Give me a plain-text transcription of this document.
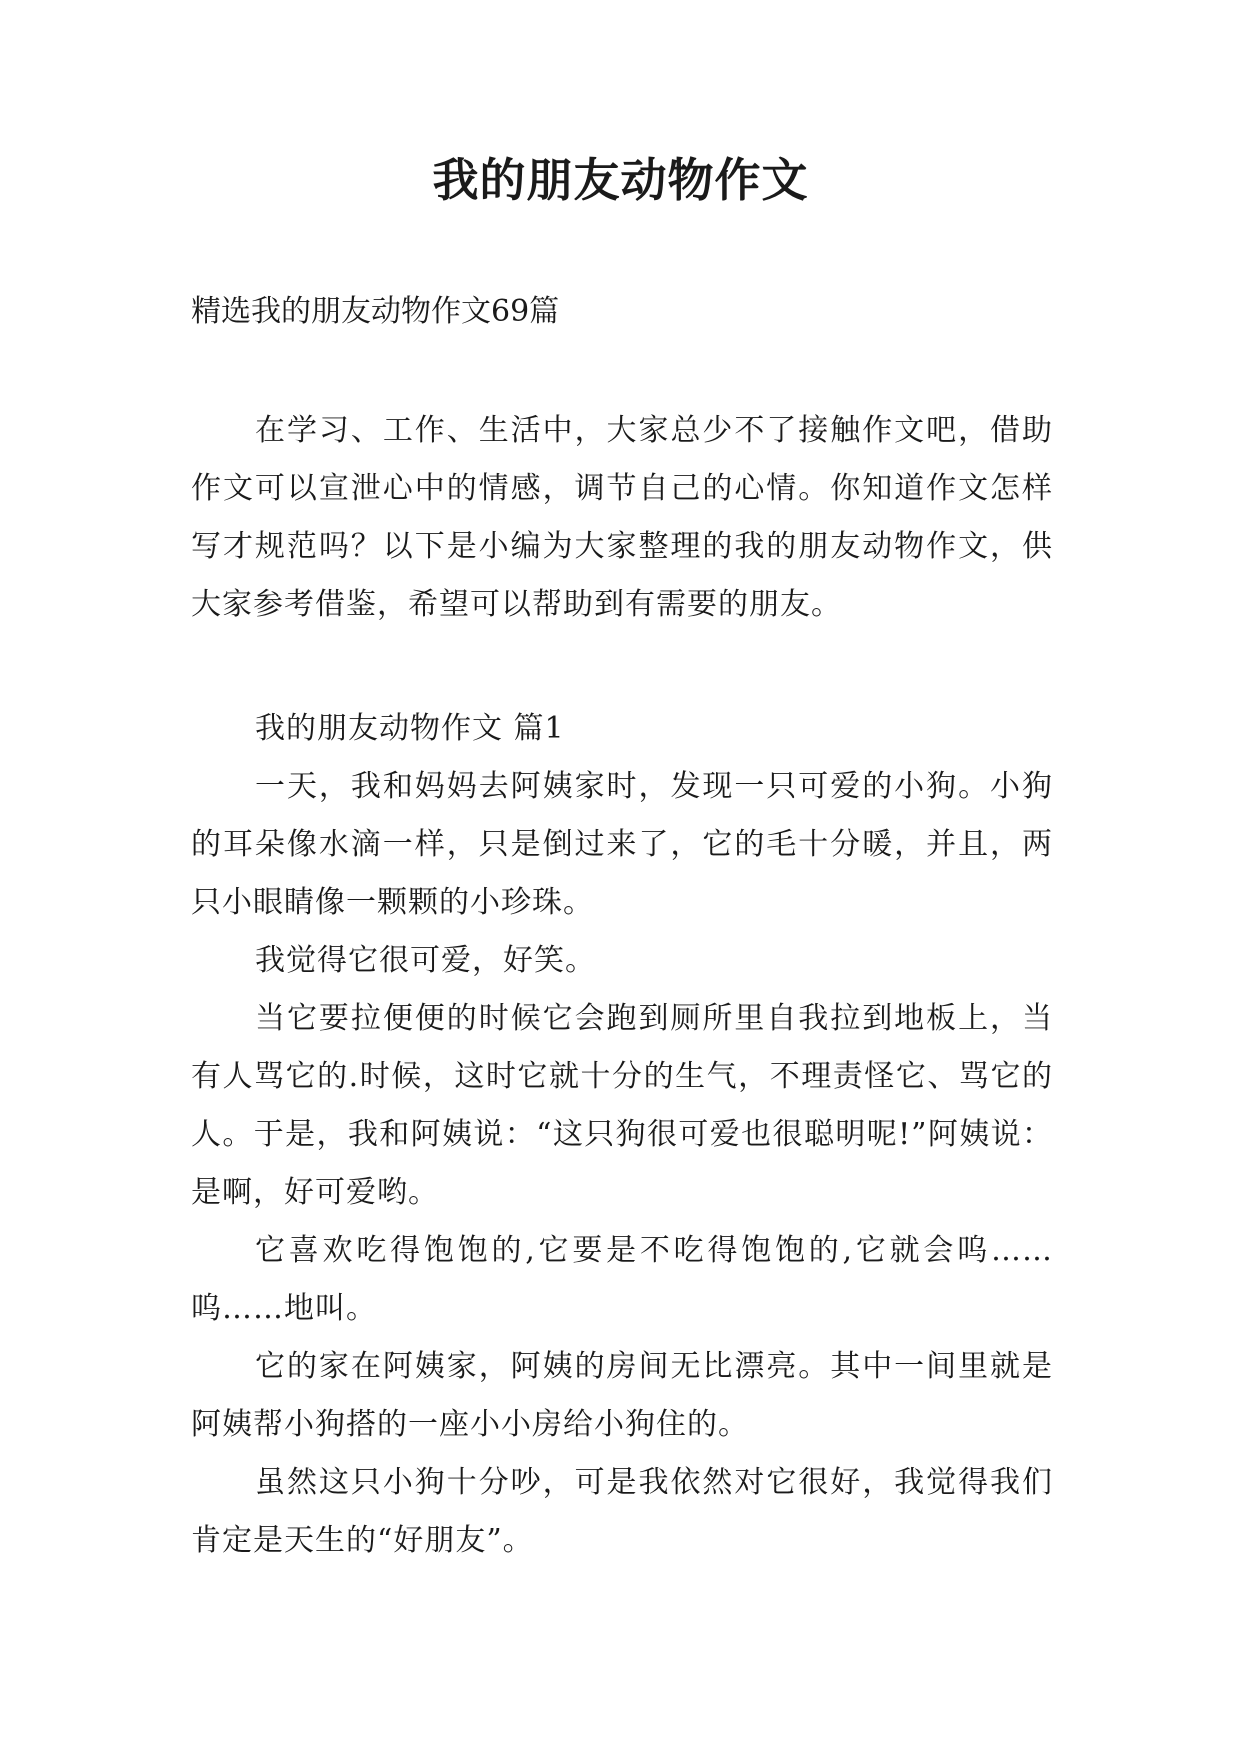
我的朋友动物作文

精选我的朋友动物作文69篇

在学习、工作、生活中，大家总少不了接触作文吧，借助作文可以宣泄心中的情感，调节自己的心情。你知道作文怎样写才规范吗？以下是小编为大家整理的我的朋友动物作文，供大家参考借鉴，希望可以帮助到有需要的朋友。

我的朋友动物作文 篇1

一天，我和妈妈去阿姨家时，发现一只可爱的小狗。小狗的耳朵像水滴一样，只是倒过来了，它的毛十分暖，并且，两只小眼睛像一颗颗的小珍珠。

我觉得它很可爱，好笑。

当它要拉便便的时候它会跑到厕所里自我拉到地板上，当有人骂它的.时候，这时它就十分的生气，不理责怪它、骂它的人。于是，我和阿姨说：“这只狗很可爱也很聪明呢!”阿姨说：是啊，好可爱哟。

它喜欢吃得饱饱的,它要是不吃得饱饱的,它就会呜……呜……地叫。

它的家在阿姨家，阿姨的房间无比漂亮。其中一间里就是阿姨帮小狗搭的一座小小房给小狗住的。

虽然这只小狗十分吵，可是我依然对它很好，我觉得我们肯定是天生的“好朋友”。
